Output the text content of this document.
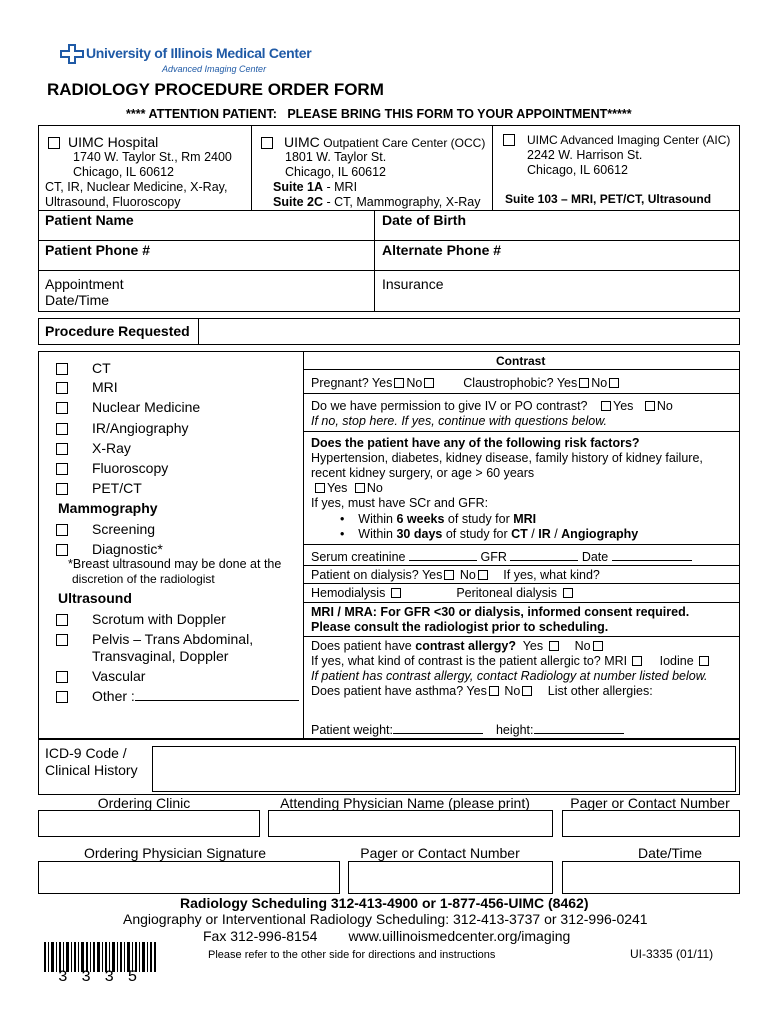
University of Illinois Medical Center
Advanced Imaging Center
RADIOLOGY PROCEDURE ORDER FORM
**** ATTENTION PATIENT:   PLEASE BRING THIS FORM TO YOUR APPOINTMENT*****
UIMC Hospital
1740 W. Taylor St., Rm 2400
Chicago, IL 60612
CT, IR, Nuclear Medicine, X-Ray,
Ultrasound, Fluoroscopy
UIMC Outpatient Care Center (OCC)
1801 W. Taylor St.
Chicago, IL 60612
Suite 1A - MRI
Suite 2C - CT, Mammography, X-Ray
UIMC Advanced Imaging Center (AIC)
2242 W. Harrison St.
Chicago, IL 60612
Suite 103 – MRI, PET/CT, Ultrasound
Patient Name	Date of Birth
Patient Phone #	Alternate Phone #
Appointment
Date/Time
Insurance
Procedure Requested
CT
MRI
Nuclear Medicine
IR/Angiography
X-Ray
Fluoroscopy
PET/CT
Mammography
Screening
Diagnostic*
*Breast ultrasound may be done at the
discretion of the radiologist
Ultrasound
Scrotum with Doppler
Pelvis – Trans Abdominal,
Transvaginal, Doppler
Vascular
Other :
Contrast
Pregnant? Yes No	Claustrophobic? Yes No
Do we have permission to give IV or PO contrast? Yes No
If no, stop here. If yes, continue with questions below.
Does the patient have any of the following risk factors?
Hypertension, diabetes, kidney disease, family history of kidney failure,
recent kidney surgery, or age > 60 years
Yes No
If yes, must have SCr and GFR:
•    Within 6 weeks of study for MRI
•    Within 30 days of study for CT / IR / Angiography
Serum creatinine	GFR	Date
Patient on dialysis? Yes No If yes, what kind?
Hemodialysis	Peritoneal dialysis
MRI / MRA: For GFR <30 or dialysis, informed consent required.
Please consult the radiologist prior to scheduling.
Does patient have contrast allergy?  Yes	No
If yes, what kind of contrast is the patient allergic to? MRI	Iodine
If patient has contrast allergy, contact Radiology at number listed below.
Does patient have asthma? Yes No List other allergies:
Patient weight:	height:
ICD-9 Code /
Clinical History
Ordering Clinic	Attending Physician Name (please print)	Pager or Contact Number
Ordering Physician Signature	Pager or Contact Number	Date/Time
Radiology Scheduling 312-413-4900 or 1-877-456-UIMC (8462)
Angiography or Interventional Radiology Scheduling: 312-413-3737 or 312-996-0241
Fax 312-996-8154        www.uillinoismedcenter.org/imaging
3 3 3 5
Please refer to the other side for directions and instructions	UI-3335 (01/11)
